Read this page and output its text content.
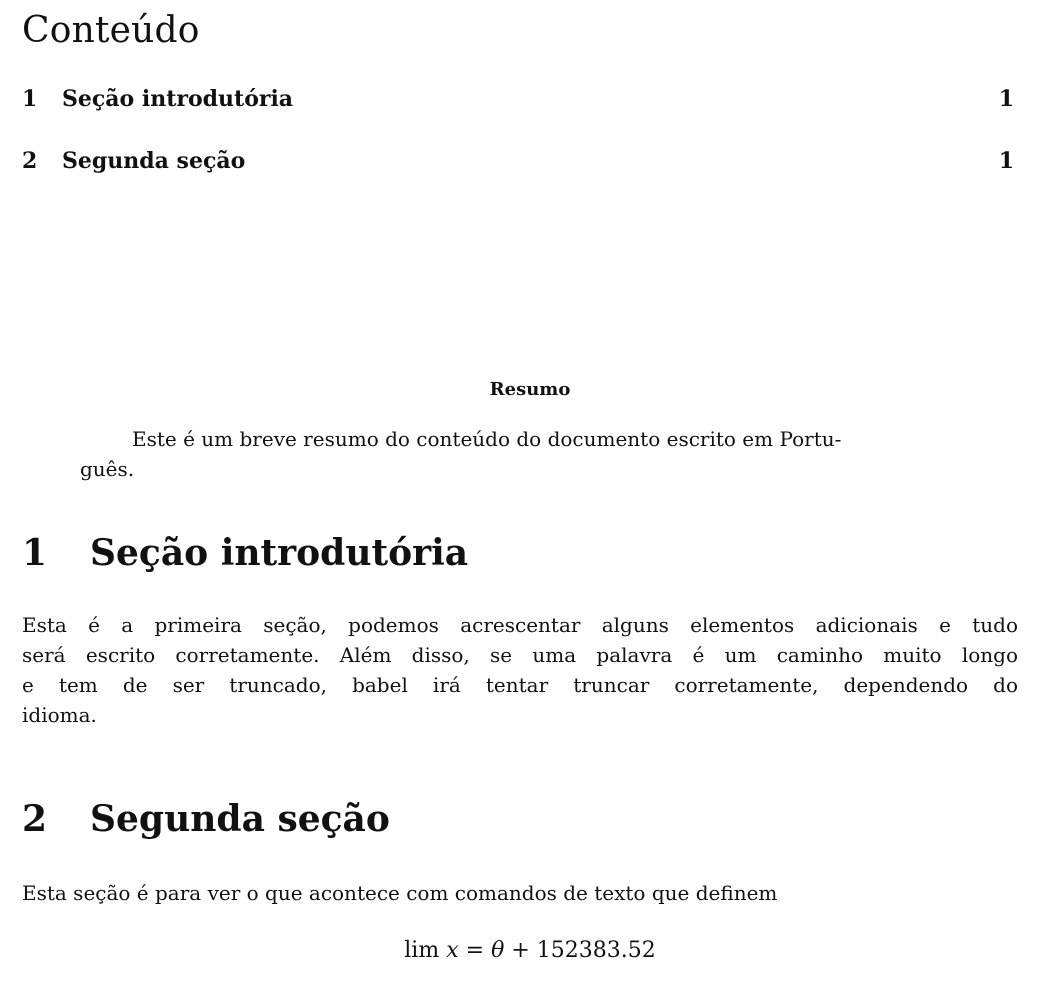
Conteúdo
1	Seção introdutória	1
2	Segunda seção	1
Resumo
Este é um breve resumo do conteúdo do documento escrito em Portu-
guês.
1	Seção introdutória
Esta é a primeira seção, podemos acrescentar alguns elementos adicionais e tudo
será escrito corretamente. Além disso, se uma palavra é um caminho muito longo
e tem de ser truncado, babel irá tentar truncar corretamente, dependendo do
idioma.
2	Segunda seção
Esta seção é para ver o que acontece com comandos de texto que definem
lim x = θ + 152383.52
